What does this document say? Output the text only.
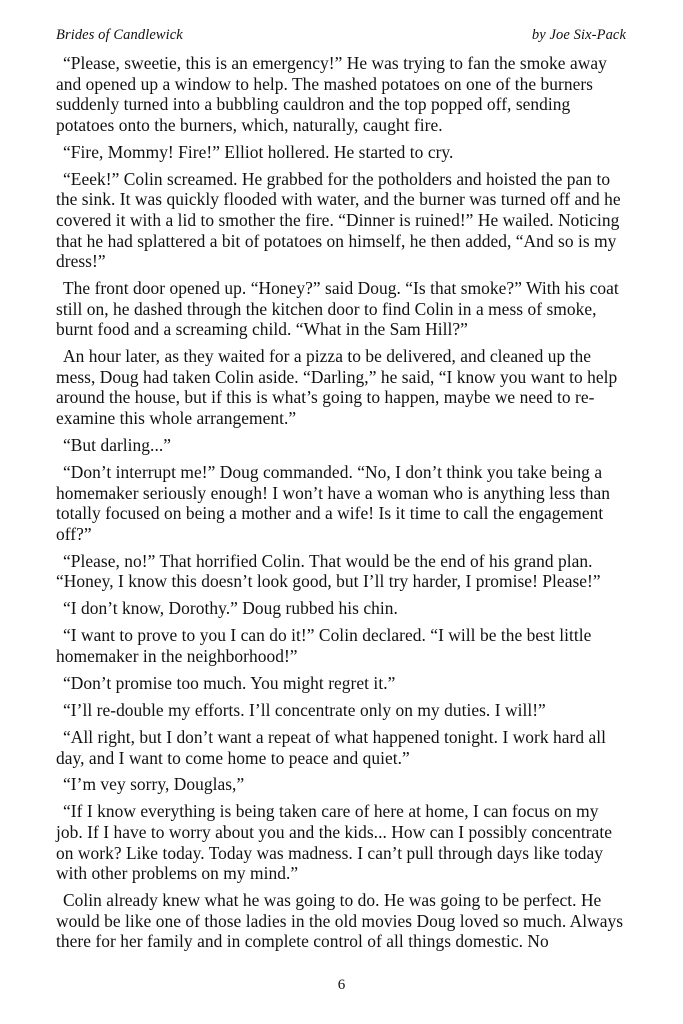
Brides of Candlewick	by Joe Six-Pack

“Please, sweetie, this is an emergency!” He was trying to fan the smoke away and opened up a window to help. The mashed potatoes on one of the burners suddenly turned into a bubbling cauldron and the top popped off, sending potatoes onto the burners, which, naturally, caught fire.

“Fire, Mommy! Fire!” Elliot hollered. He started to cry.

“Eeek!” Colin screamed. He grabbed for the potholders and hoisted the pan to the sink. It was quickly flooded with water, and the burner was turned off and he covered it with a lid to smother the fire. “Dinner is ruined!” He wailed. Noticing that he had splattered a bit of potatoes on himself, he then added, “And so is my dress!”

The front door opened up. “Honey?” said Doug. “Is that smoke?” With his coat still on, he dashed through the kitchen door to find Colin in a mess of smoke, burnt food and a screaming child. “What in the Sam Hill?”

An hour later, as they waited for a pizza to be delivered, and cleaned up the mess, Doug had taken Colin aside. “Darling,” he said, “I know you want to help around the house, but if this is what’s going to happen, maybe we need to re-examine this whole arrangement.”

“But darling...”

“Don’t interrupt me!” Doug commanded. “No, I don’t think you take being a homemaker seriously enough! I won’t have a woman who is anything less than totally focused on being a mother and a wife! Is it time to call the engagement off?”

“Please, no!” That horrified Colin. That would be the end of his grand plan. “Honey, I know this doesn’t look good, but I’ll try harder, I promise! Please!”

“I don’t know, Dorothy.” Doug rubbed his chin.

“I want to prove to you I can do it!” Colin declared. “I will be the best little homemaker in the neighborhood!”

“Don’t promise too much. You might regret it.”

“I’ll re-double my efforts. I’ll concentrate only on my duties. I will!”

“All right, but I don’t want a repeat of what happened tonight. I work hard all day, and I want to come home to peace and quiet.”

“I’m vey sorry, Douglas,”

“If I know everything is being taken care of here at home, I can focus on my job. If I have to worry about you and the kids... How can I possibly concentrate on work? Like today. Today was madness. I can’t pull through days like today with other problems on my mind.”

Colin already knew what he was going to do. He was going to be perfect. He would be like one of those ladies in the old movies Doug loved so much. Always there for her family and in complete control of all things domestic. No

6
